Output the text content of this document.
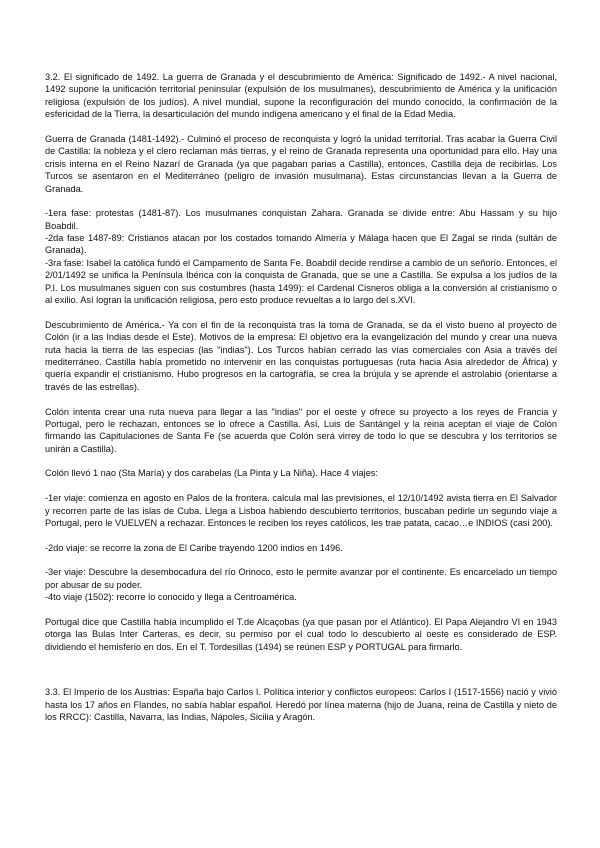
3.2. El significado de 1492. La guerra de Granada y el descubrimiento de América: Significado de 1492.- A nivel nacional, 1492 supone la unificación territorial peninsular (expulsión de los musulmanes), descubrimiento de América y la unificación religiosa (expulsión de los judíos). A nivel mundial, supone la reconfiguración del mundo conocido, la confirmación de la esfericidad de la Tierra, la desarticulación del mundo indígena americano y el final de la Edad Media.

Guerra de Granada (1481-1492).- Culminó el proceso de reconquista y logró la unidad territorial. Tras acabar la Guerra Civil de Castilla: la nobleza y el clero reclaman más tierras, y el reino de Granada representa una oportunidad para ello. Hay una crisis interna en el Reino Nazarí de Granada (ya que pagaban parias a Castilla), entonces, Castilla deja de recibirlas. Los Turcos se asentaron en el Mediterráneo (peligro de invasión musulmana). Estas circunstancias llevan a la Guerra de Granada.

-1era fase: protestas (1481-87). Los musulmanes conquistan Zahara. Granada se divide entre: Abu Hassam y su hijo Boabdil.

-2da fase 1487-89: Cristianos atacan por los costados tomando Almería y Málaga hacen que El Zagal se rinda (sultán de Granada).

-3ra fase: Isabel la católica fundó el Campamento de Santa Fe. Boabdil decide rendirse a cambio de un señorío. Entonces, el 2/01/1492 se unifica la Península Ibérica con la conquista de Granada, que se une a Castilla. Se expulsa a los judíos de la P.I. Los musulmanes siguen con sus costumbres (hasta 1499): el Cardenal Cisneros obliga a la conversión al cristianismo o al exilio. Así logran la unificación religiosa, pero esto produce revueltas a lo largo del s.XVI.

Descubrimiento de América.- Ya con el fin de la reconquista tras la toma de Granada, se da el visto bueno al proyecto de Colón (ir a las Indias desde el Este). Motivos de la empresa: El objetivo era la evangelización del mundo y crear una nueva ruta hacia la tierra de las especias (las "indias"). Los Turcos habían cerrado las vías comerciales con Asia a través del mediterráneo. Castilla había prometido no intervenir en las conquistas portuguesas (ruta hacia Asia alrededor de África) y quería expandir el cristianismo. Hubo progresos en la cartografía, se crea la brújula y se aprende el astrolabio (orientarse a través de las estrellas).

Colón intenta crear una ruta nueva para llegar a las "indias" por el oeste y ofrece su proyecto a los reyes de Francia y Portugal, pero le rechazan, entonces se lo ofrece a Castilla. Así, Luis de Santángel y la reina aceptan el viaje de Colón firmando las Capitulaciones de Santa Fe (se acuerda que Colón será virrey de todo lo que se descubra y los territorios se unirán a Castilla).

Colón llevó 1 nao (Sta María) y dos carabelas (La Pinta y La Niña). Hace 4 viajes:

-1er viaje: comienza en agosto en Palos de la frontera. calcula mal las previsiones, el 12/10/1492 avista tierra en El Salvador y recorren parte de las islas de Cuba. Llega a Lisboa habiendo descubierto territorios, buscaban pedirle un segundo viaje a Portugal, pero le VUELVEN a rechazar. Entonces le reciben los reyes católicos, les trae patata, cacao…e INDIOS (casi 200).

-2do viaje: se recorre la zona de El Caribe trayendo 1200 indios en 1496.

-3er viaje: Descubre la desembocadura del río Orinoco, esto le permite avanzar por el continente. Es encarcelado un tiempo por abusar de su poder.

-4to viaje (1502): recorre lo conocido y llega a Centroamérica.

Portugal dice que Castilla había incumplido el T.de Alcaçobas (ya que pasan por el Atlántico). El Papa Alejandro VI en 1943 otorga las Bulas Inter Carteras, es decir, su permiso por el cual todo lo descubierto al oeste es considerado de ESP. dividiendo el hemisferio en dos. En el T. Tordesillas (1494) se reúnen ESP y PORTUGAL para firmarlo.

3.3. El Imperio de los Austrias: España bajo Carlos I. Política interior y conflictos europeos: Carlos I (1517-1556) nació y vivió hasta los 17 años en Flandes, no sabía hablar español. Heredó por línea materna (hijo de Juana, reina de Castilla y nieto de los RRCC): Castilla, Navarra, las Indias, Nápoles, Sicilia y Aragón.
